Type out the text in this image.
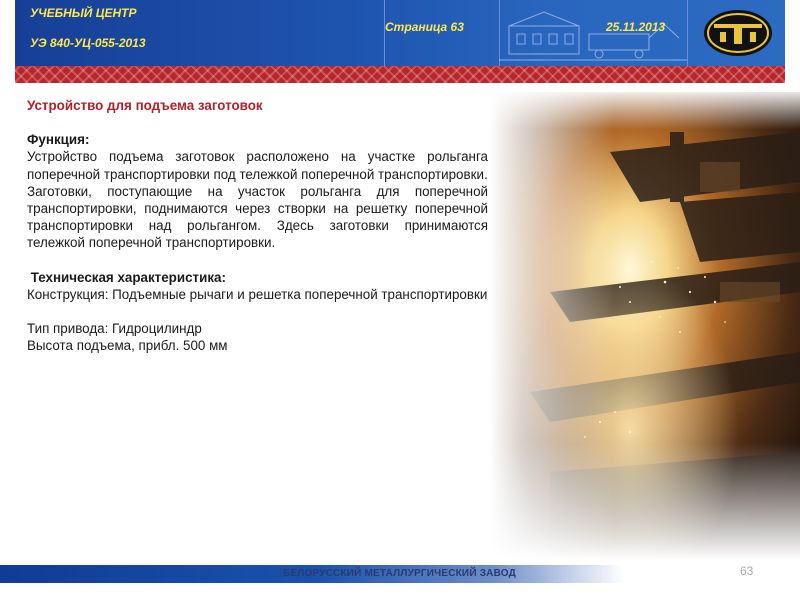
УЧЕБНЫЙ ЦЕНТР
УЭ 840-УЦ-055-2013
Страница 63	25.11.2013

Устройство для подъема заготовок

Функция:

Устройство подъема заготовок расположено на участке рольганга поперечной транспортировки под тележкой поперечной транспортировки.

Заготовки, поступающие на участок рольганга для поперечной транспортировки, поднимаются через створки на решетку поперечной транспортировки над рольгангом. Здесь заготовки принимаются тележкой поперечной транспортировки.

Техническая характеристика:

Конструкция: Подъемные рычаги и решетка поперечной транспортировки

Тип привода: Гидроцилиндр

Высота подъема, прибл. 500 мм

БЕЛОРУССКИЙ МЕТАЛЛУРГИЧЕСКИЙ ЗАВОД	63
